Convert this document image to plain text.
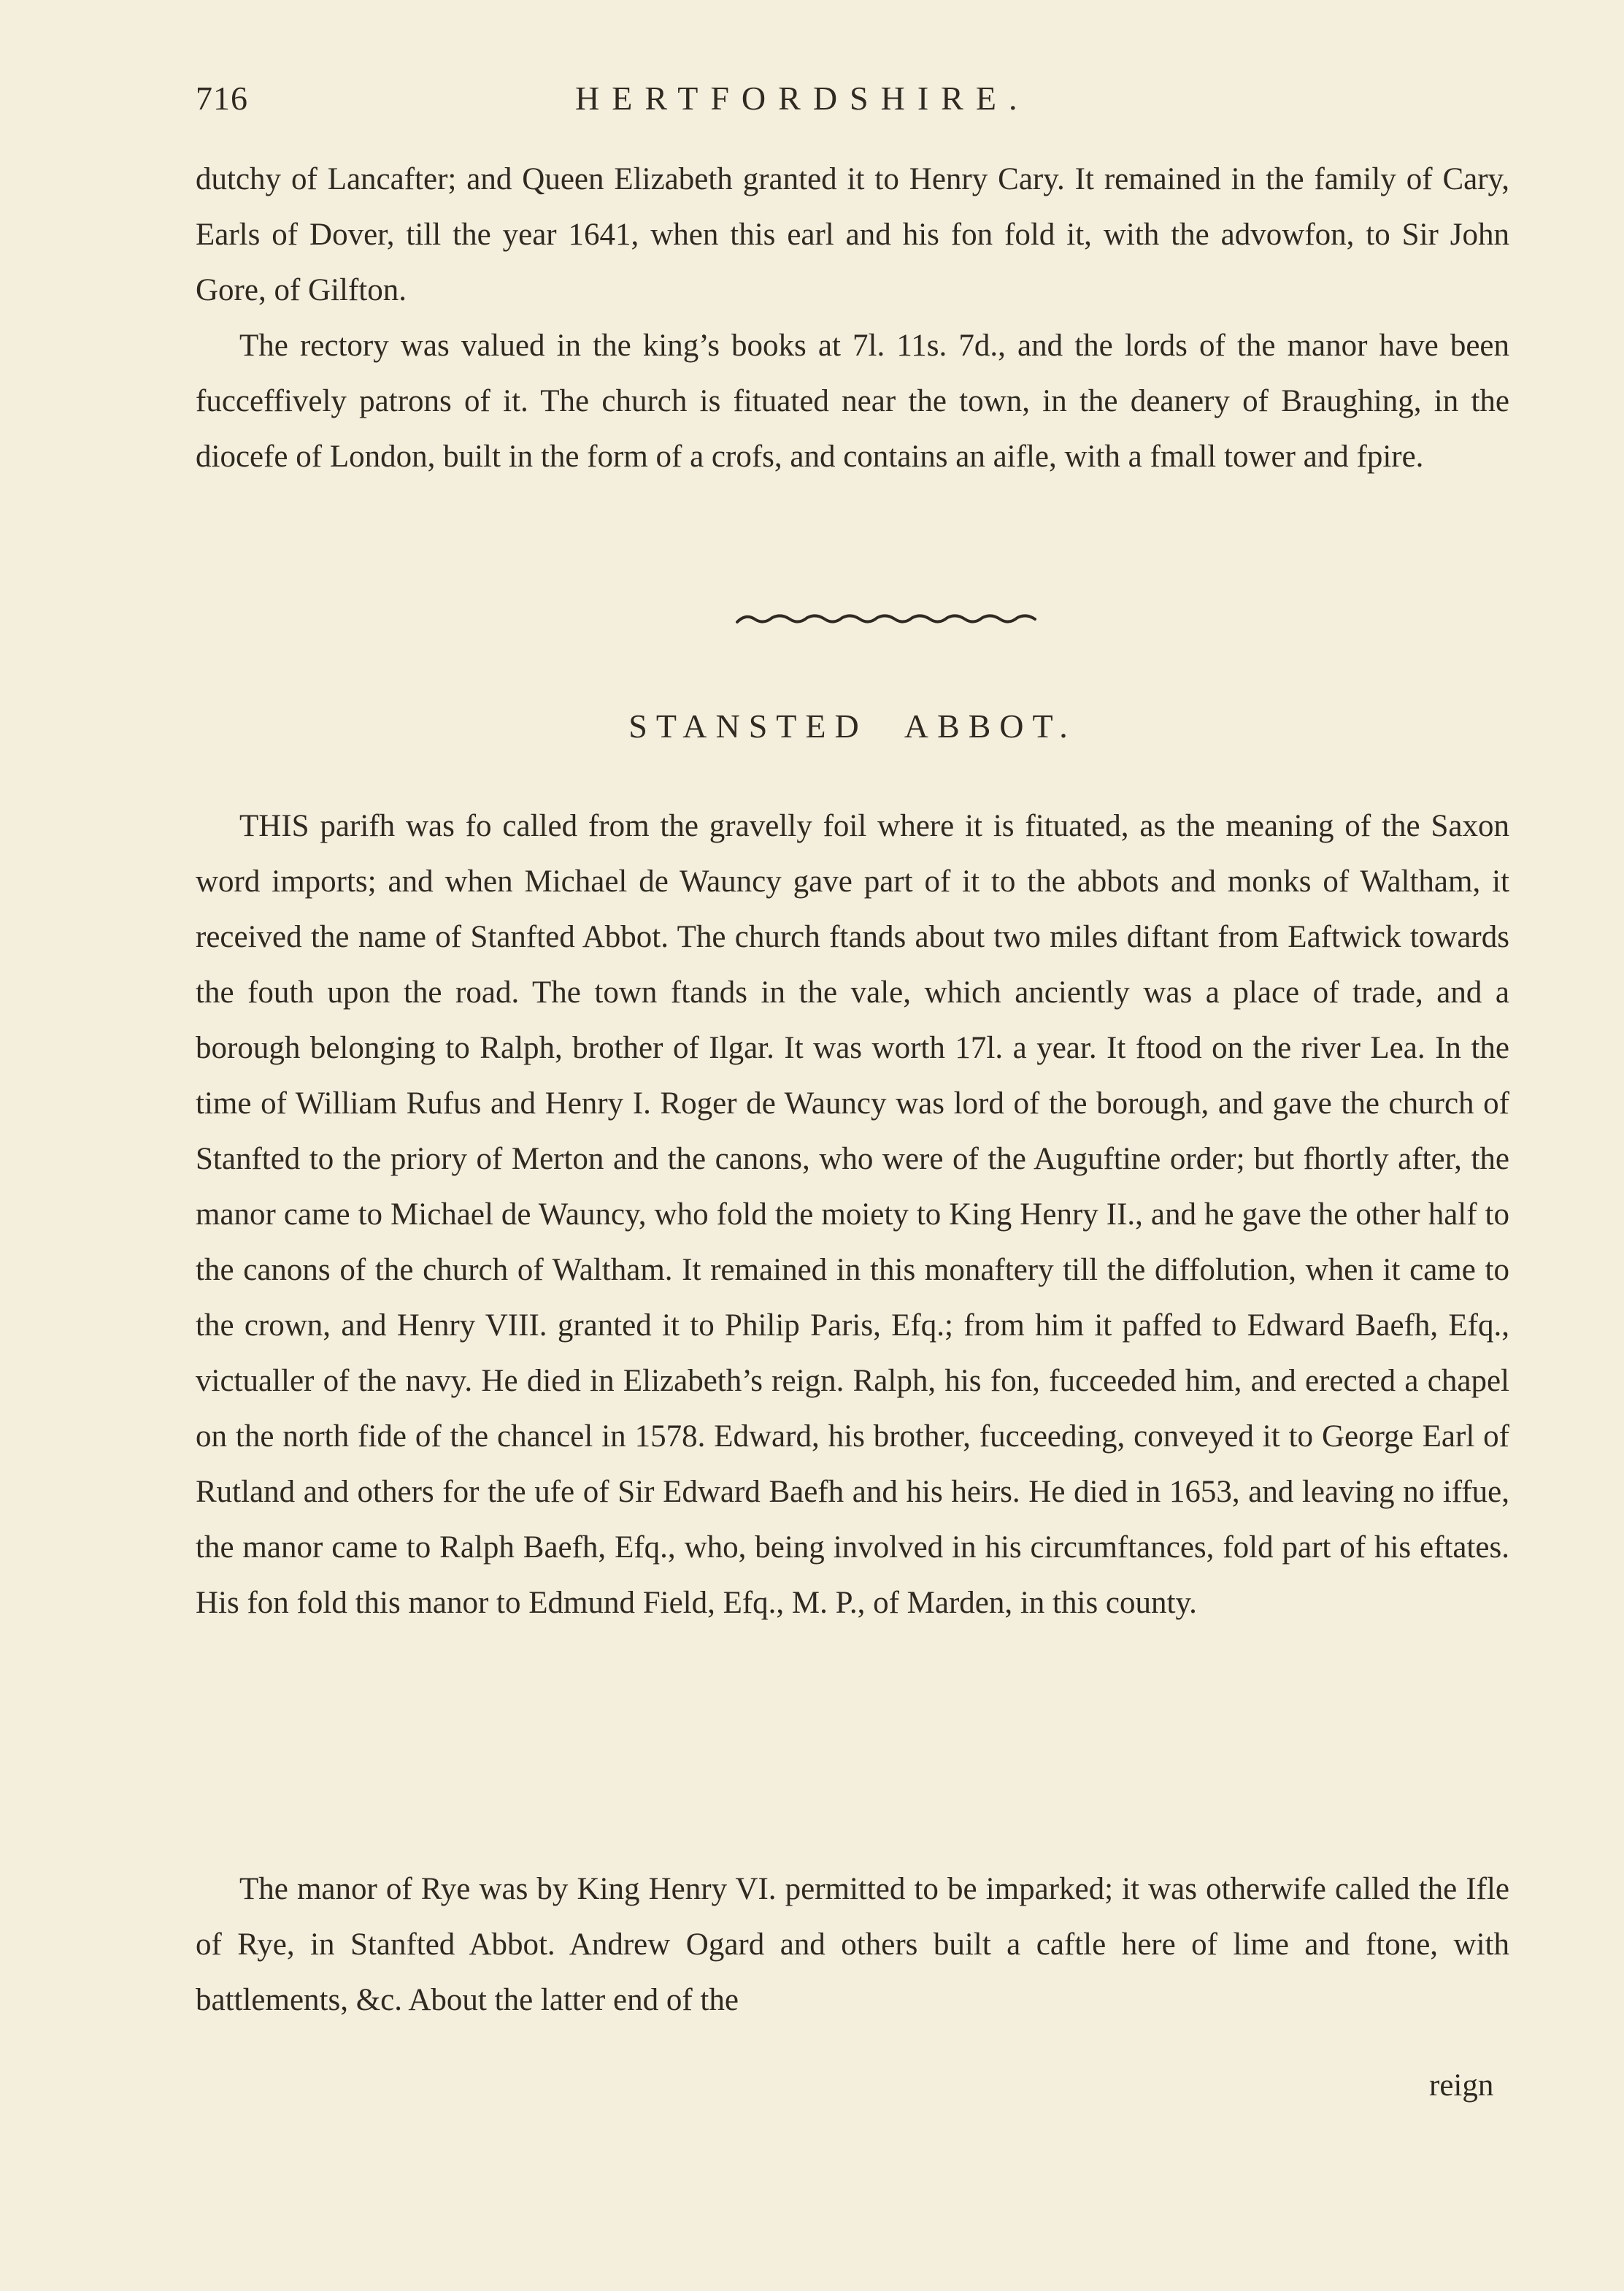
716	HERTFORDSHIRE.

dutchy of Lancafter; and Queen Elizabeth granted it to Henry Cary. It remained in the family of Cary, Earls of Dover, till the year 1641, when this earl and his fon fold it, with the advowfon, to Sir John Gore, of Gilfton.

The rectory was valued in the king’s books at 7l. 11s. 7d., and the lords of the manor have been fucceffively patrons of it. The church is fituated near the town, in the deanery of Braughing, in the diocefe of London, built in the form of a crofs, and contains an aifle, with a fmall tower and fpire.

STANSTED ABBOT.

THIS parifh was fo called from the gravelly foil where it is fituated, as the meaning of the Saxon word imports; and when Michael de Wauncy gave part of it to the abbots and monks of Waltham, it received the name of Stanfted Abbot. The church ftands about two miles diftant from Eaftwick towards the fouth upon the road. The town ftands in the vale, which anciently was a place of trade, and a borough belonging to Ralph, brother of Ilgar. It was worth 17l. a year. It ftood on the river Lea. In the time of William Rufus and Henry I. Roger de Wauncy was lord of the borough, and gave the church of Stanfted to the priory of Merton and the canons, who were of the Auguftine order; but fhortly after, the manor came to Michael de Wauncy, who fold the moiety to King Henry II., and he gave the other half to the canons of the church of Waltham. It remained in this monaftery till the diffolution, when it came to the crown, and Henry VIII. granted it to Philip Paris, Efq.; from him it paffed to Edward Baefh, Efq., victualler of the navy. He died in Elizabeth’s reign. Ralph, his fon, fucceeded him, and erected a chapel on the north fide of the chancel in 1578. Edward, his brother, fucceeding, conveyed it to George Earl of Rutland and others for the ufe of Sir Edward Baefh and his heirs. He died in 1653, and leaving no iffue, the manor came to Ralph Baefh, Efq., who, being involved in his circumftances, fold part of his eftates. His fon fold this manor to Edmund Field, Efq., M. P., of Marden, in this county.

The manor of Rye was by King Henry VI. permitted to be imparked; it was otherwife called the Ifle of Rye, in Stanfted Abbot. Andrew Ogard and others built a caftle here of lime and ftone, with battlements, &c. About the latter end of the

reign
